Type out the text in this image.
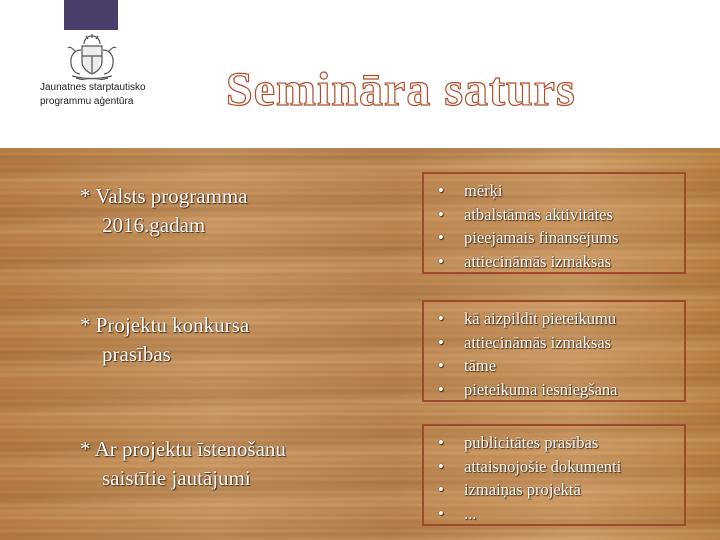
Jaunatnes starptautisko
programmu aģentūra	Semināra saturs
* Valsts programma
2016.gadam
• mērķi
• atbalstāmās aktivitātes
• pieejamais finansējums
• attiecināmās izmaksas
* Projektu konkursa
prasības
• kā aizpildīt pieteikumu
• attiecināmās izmaksas
• tāme
• pieteikuma iesniegšana
* Ar projektu īstenošanu
saistītie jautājumi
• publicitātes prasības
• attaisnojošie dokumenti
• izmaiņas projektā
• ...
